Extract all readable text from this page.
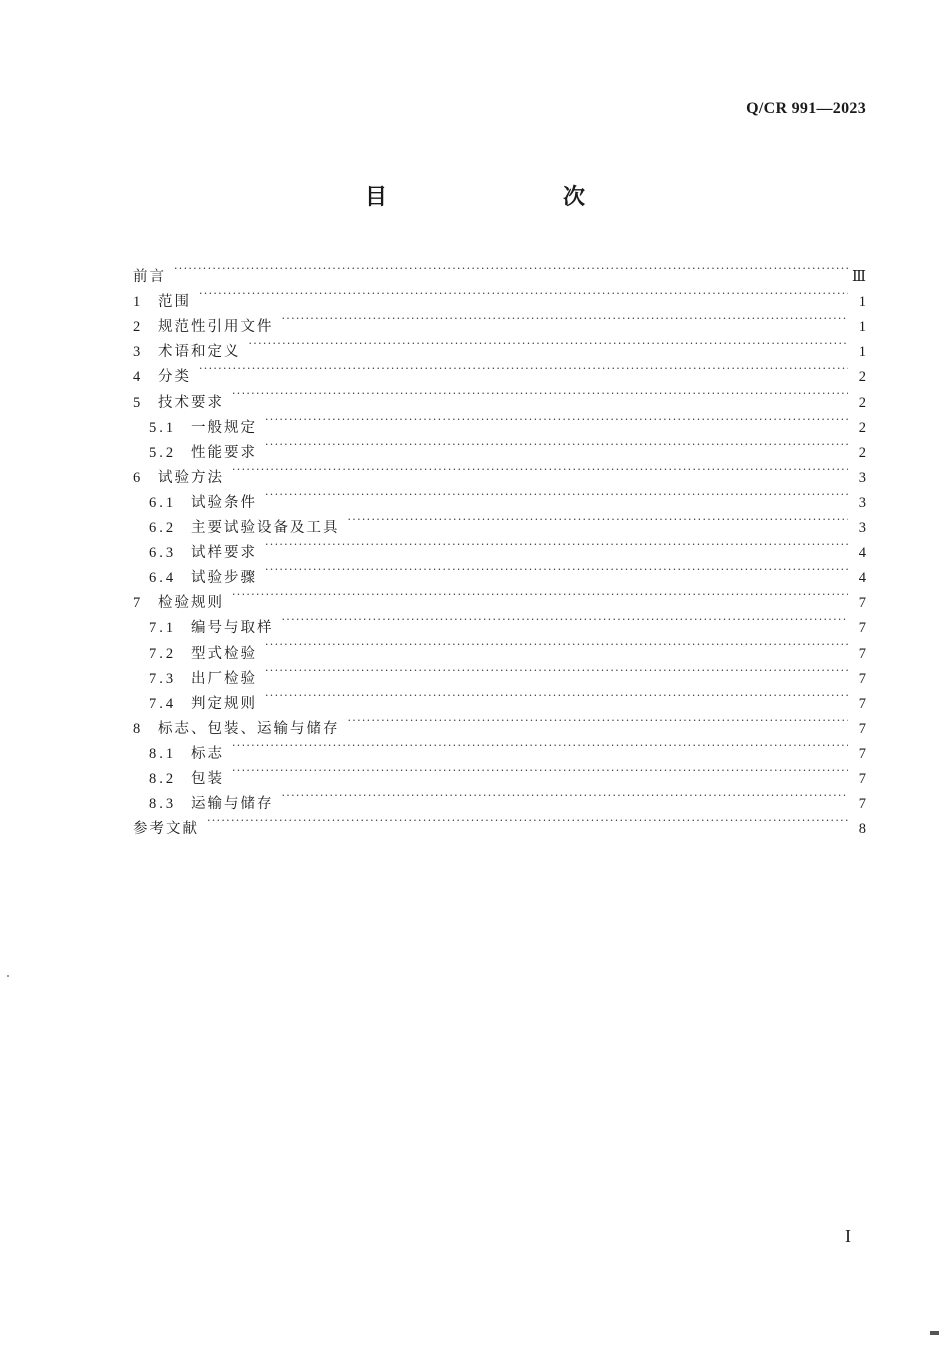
Q/CR 991—2023
目　　次
前言 ·····	Ⅲ
1	范围 ·····	1
2	规范性引用文件 ·····	1
3	术语和定义 ·····	1
4	分类 ·····	2
5	技术要求 ·····	2
5.1	一般规定 ·····	2
5.2	性能要求 ·····	2
6	试验方法 ·····	3
6.1	试验条件 ·····	3
6.2	主要试验设备及工具 ·····	3
6.3	试样要求 ·····	4
6.4	试验步骤 ·····	4
7	检验规则 ·····	7
7.1	编号与取样 ·····	7
7.2	型式检验 ·····	7
7.3	出厂检验 ·····	7
7.4	判定规则 ·····	7
8	标志、包装、运输与储存 ·····	7
8.1	标志 ·····	7
8.2	包装 ·····	7
8.3	运输与储存 ·····	7
参考文献 ·····	8
I
